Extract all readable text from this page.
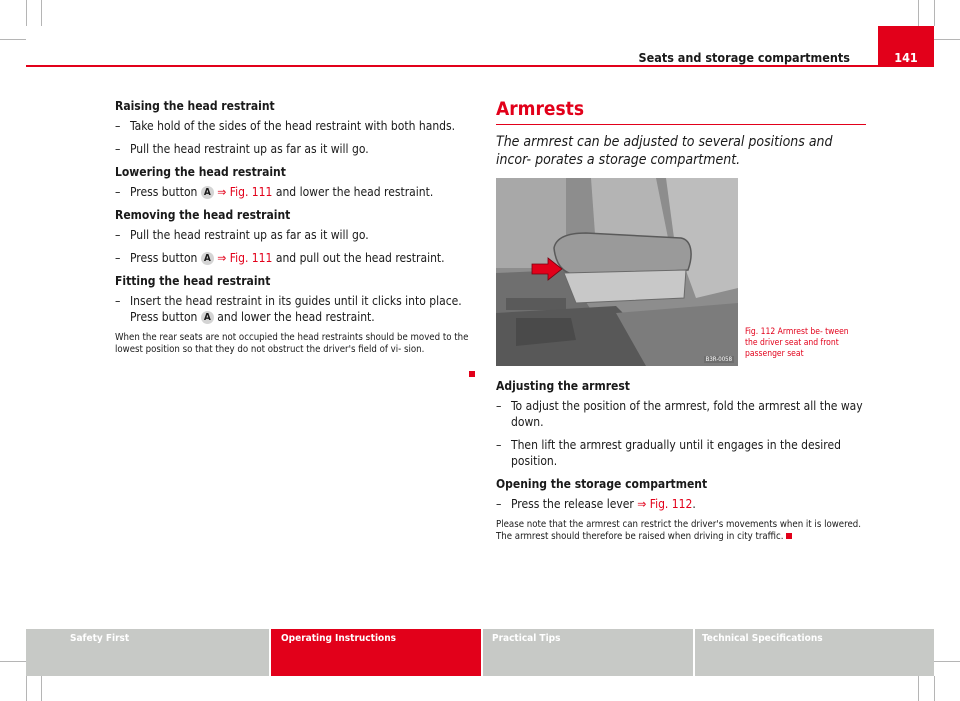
Seats and storage compartments	141

Raising the head restraint

– Take hold of the sides of the head restraint with both hands.

– Pull the head restraint up as far as it will go.

Lowering the head restraint

– Press button A ⇒ Fig. 111 and lower the head restraint.

Removing the head restraint

– Pull the head restraint up as far as it will go.

– Press button A ⇒ Fig. 111 and pull out the head restraint.

Fitting the head restraint

– Insert the head restraint in its guides until it clicks into place.
Press button A and lower the head restraint.

When the rear seats are not occupied the head restraints should be moved to the lowest position so that they do not obstruct the driver's field of vi- sion.

Armrests
The armrest can be adjusted to several positions and incor- porates a storage compartment.
B3R-0058
Fig. 112 Armrest be- tween the driver seat and front passenger seat

Adjusting the armrest

– To adjust the position of the armrest, fold the armrest all the way down.

– Then lift the armrest gradually until it engages in the desired position.

Opening the storage compartment

– Press the release lever ⇒ Fig. 112.

Please note that the armrest can restrict the driver's movements when it is lowered. The armrest should therefore be raised when driving in city traffic.

Safety First	Operating Instructions	Practical Tips	Technical Specifications
